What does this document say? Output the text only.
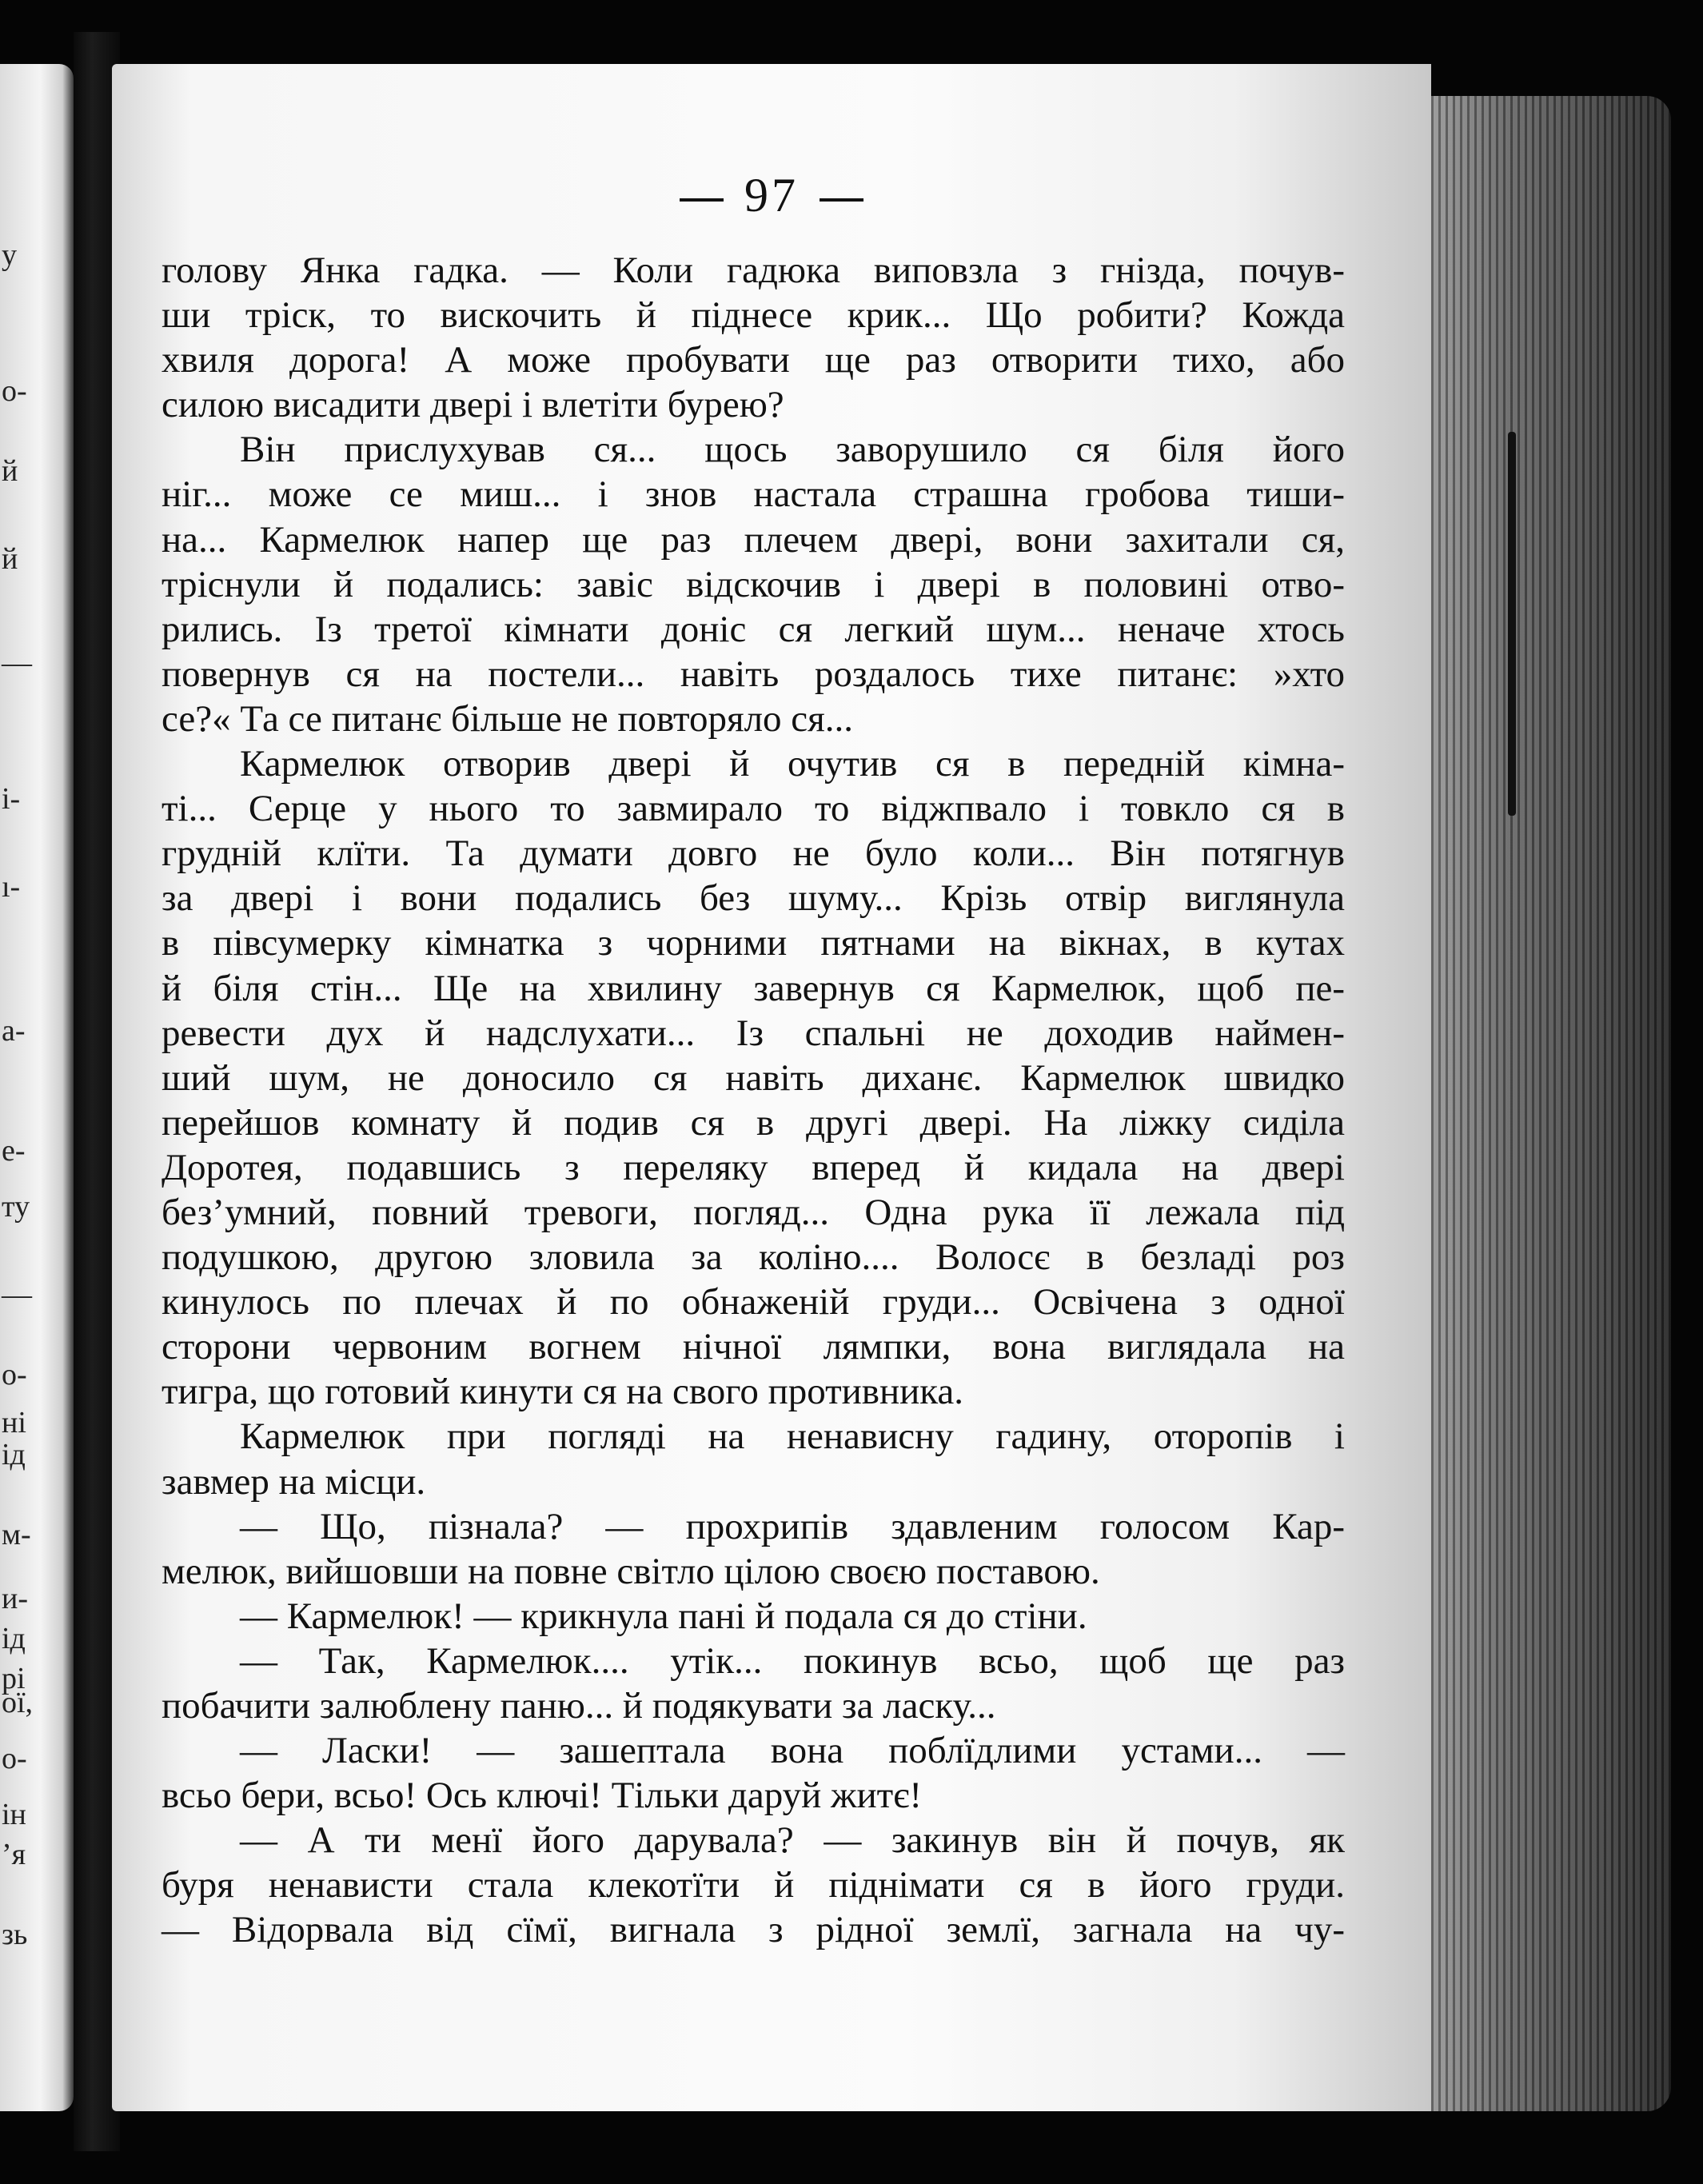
у
о-
й
й
—
і-
ı-
а-
е-
ту
—
о-
ні
ід
м-
и-
ід
рі
ої,
о-
ін
’я
зь
97
голову Янка гадка. — Коли гадюка виповзла з гнізда, почув-
ши тріск, то вискочить й піднесе крик... Що робити? Кожда
хвиля дорога! А може пробувати ще раз отворити тихо, або
силою висадити двері і влетіти бурею?
Він прислухував ся... щось заворушило ся біля його
ніг... може се миш... і знов настала страшна гробова тиши-
на... Кармелюк напер ще раз плечем двері, вони захитали ся,
тріснули й подались: завіс відскочив і двері в половині отво-
рились. Із третої кімнати доніс ся легкий шум... неначе хтось
повернув ся на постели... навіть роздалось тихе питанє: »хто
се?« Та се питанє більше не повторяло ся...
Кармелюк отворив двері й очутив ся в передній кімна-
ті... Серце у нього то завмирало то віджпвало і товкло ся в
грудній клїти. Та думати довго не було коли... Він потягнув
за двері і вони подались без шуму... Крізь отвір виглянула
в півсумерку кімнатка з чорними пятнами на вікнах, в кутах
й біля стін... Ще на хвилину завернув ся Кармелюк, щоб пе-
ревести дух й надслухати... Із спальні не доходив наймен-
ший шум, не доносило ся навіть диханє. Кармелюк швидко
перейшов комнату й подив ся в другі двері. На ліжку сиділа
Доротея, подавшись з переляку вперед й кидала на двері
без’умний, повний тревоги, погляд... Одна рука її лежала під
подушкою, другою зловила за коліно.... Волосє в безладі роз
кинулось по плечах й по обнаженій груди... Освічена з одної
сторони червоним вогнем нічної лямпки, вона виглядала на
тигра, що готовий кинути ся на свого противника.
Кармелюк при погляді на ненависну гадину, оторопів і
завмер на місци.
— Що, пізнала? — прохрипів здавленим голосом Кар-
мелюк, вийшовши на повне світло цілою своєю поставою.
— Кармелюк! — крикнула пані й подала ся до стіни.
— Так, Кармелюк.... утік... покинув всьо, щоб ще раз
побачити залюблену паню... й подякувати за ласку...
— Ласки! — зашептала вона поблїдлими устами... —
всьо бери, всьо! Ось ключі! Тільки даруй житє!
— А ти менї його дарувала? — закинув він й почув, як
буря ненависти стала клекотїти й піднімати ся в його груди.
— Відорвала від сїмї, вигнала з рідної землї, загнала на чу-
